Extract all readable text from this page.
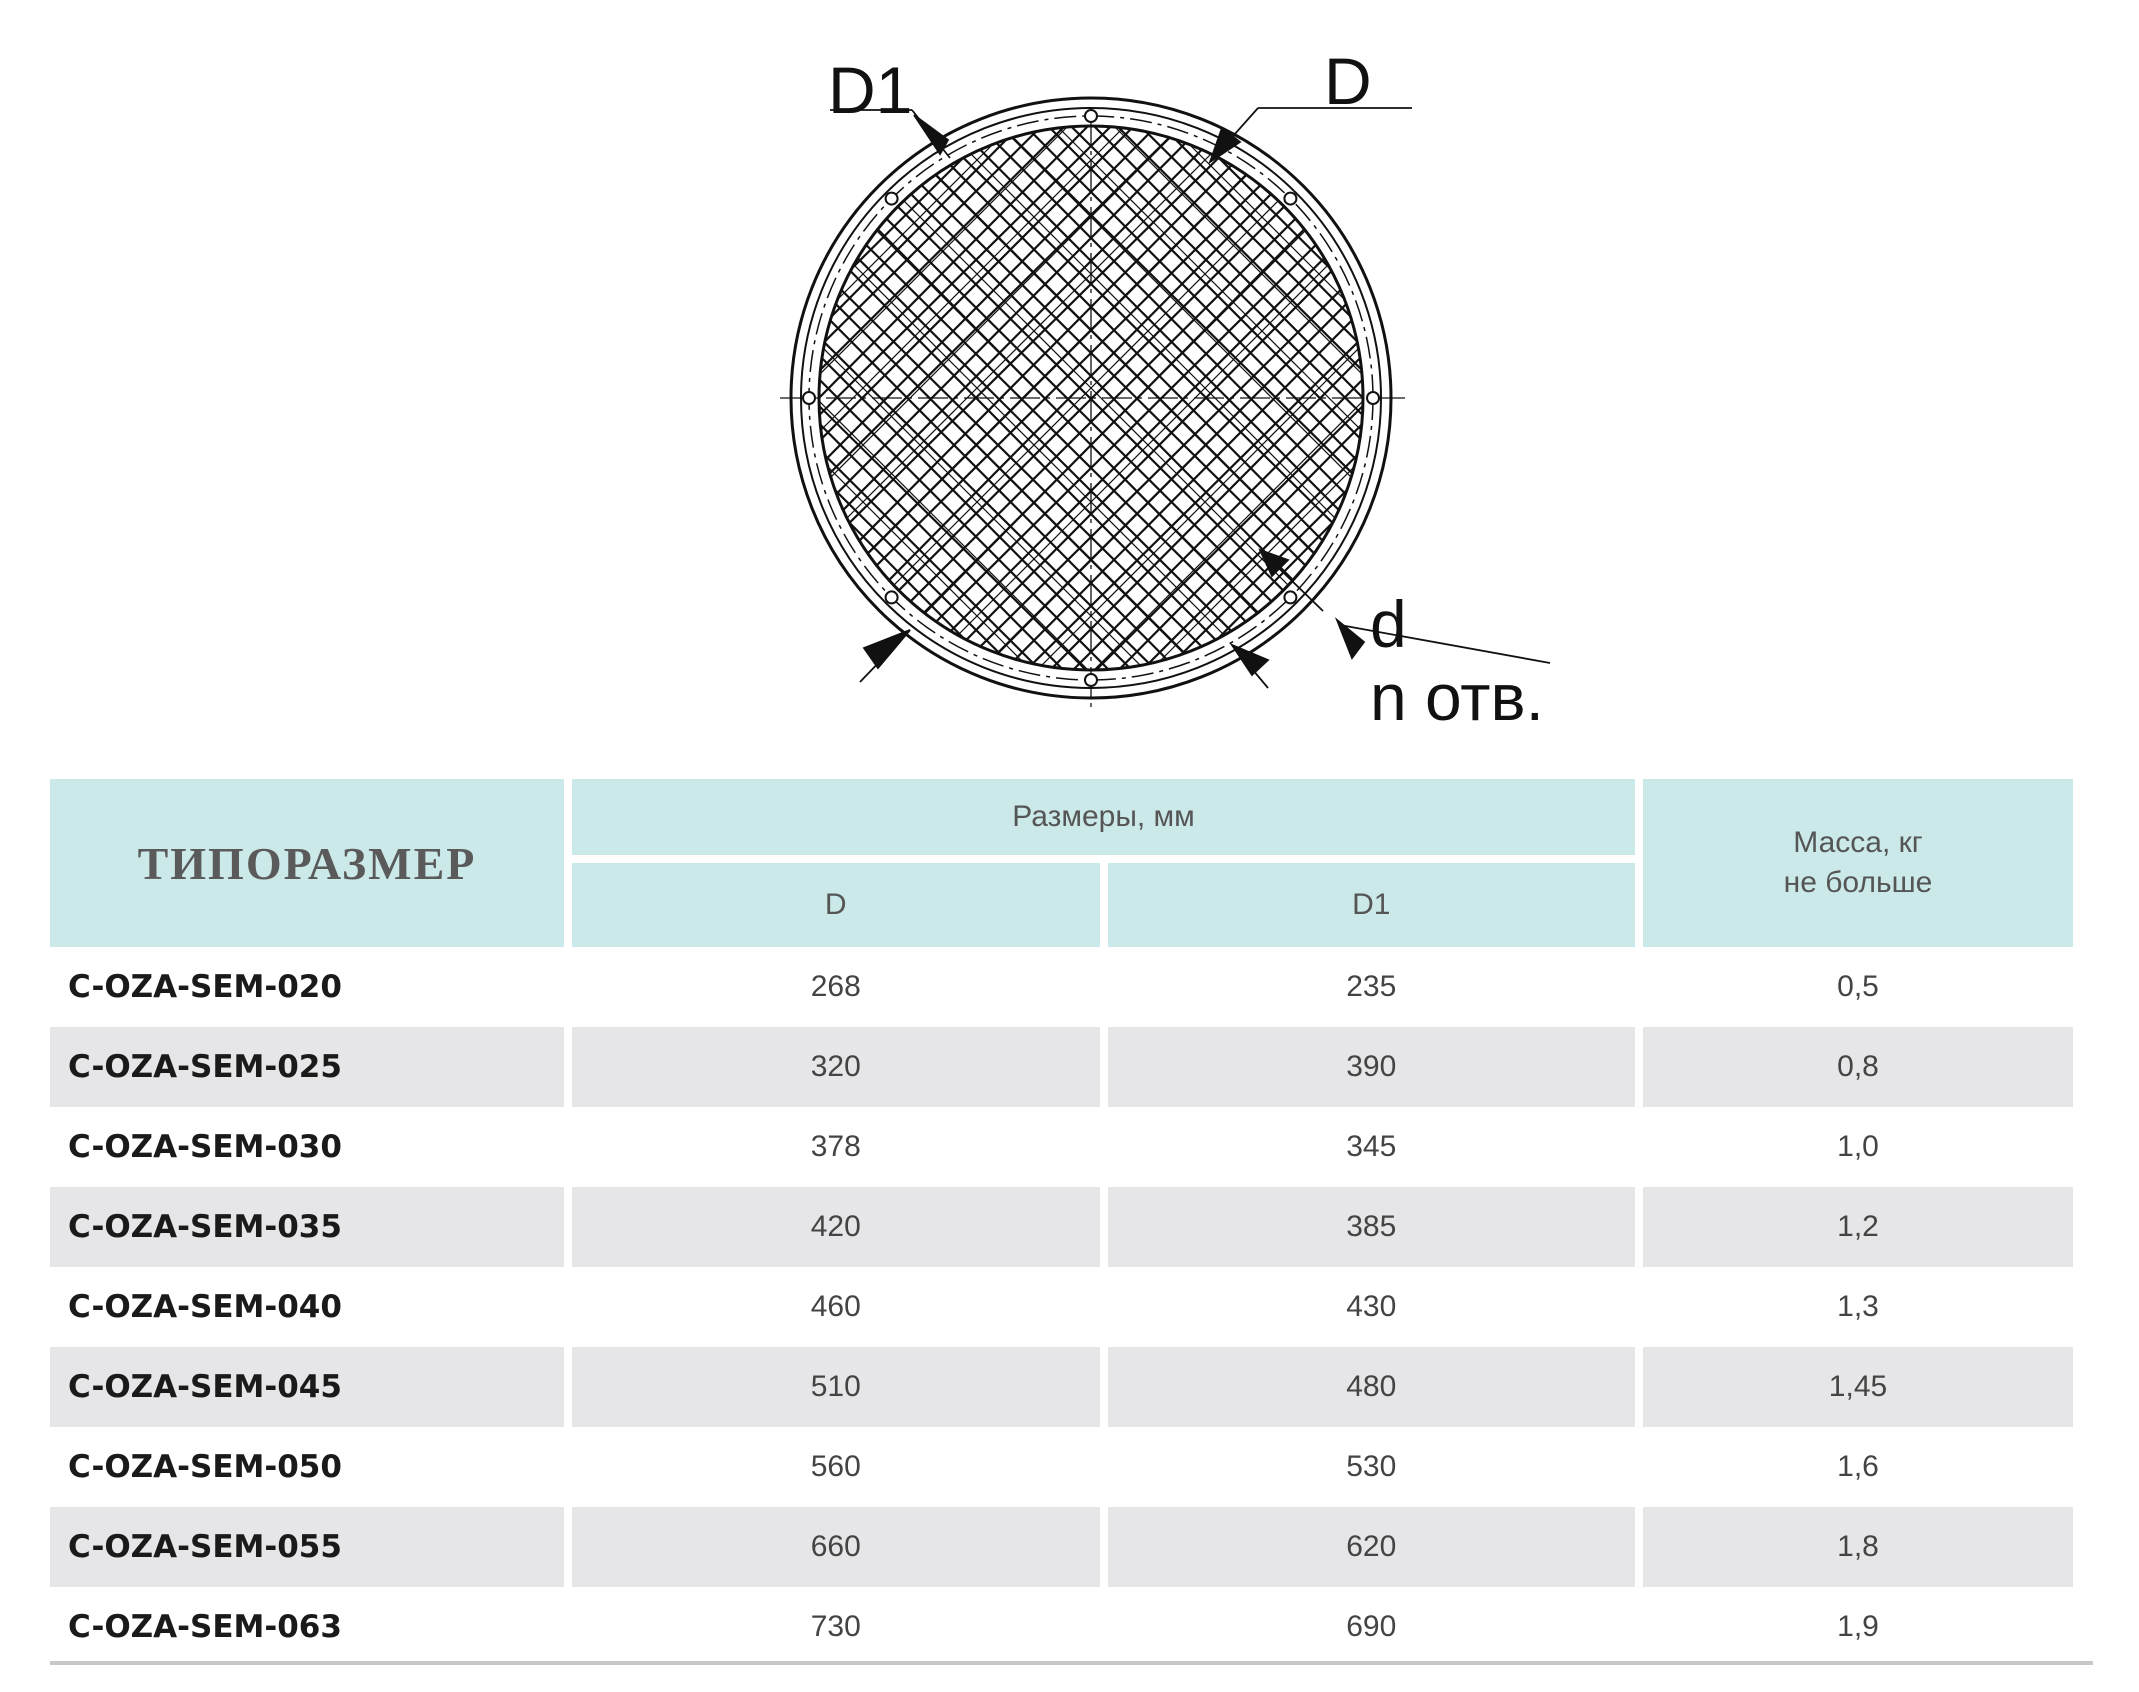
D1	D
d
n отв.
ТИПОРАЗМЕР	Размеры, мм		Масса, кг
не больше

	D	D1	
C-OZA-SEM-020	268	235	0,5
C-OZA-SEM-025	320	390	0,8
C-OZA-SEM-030	378	345	1,0
C-OZA-SEM-035	420	385	1,2
C-OZA-SEM-040	460	430	1,3
C-OZA-SEM-045	510	480	1,45
C-OZA-SEM-050	560	530	1,6
C-OZA-SEM-055	660	620	1,8
C-OZA-SEM-063	730	690	1,9
